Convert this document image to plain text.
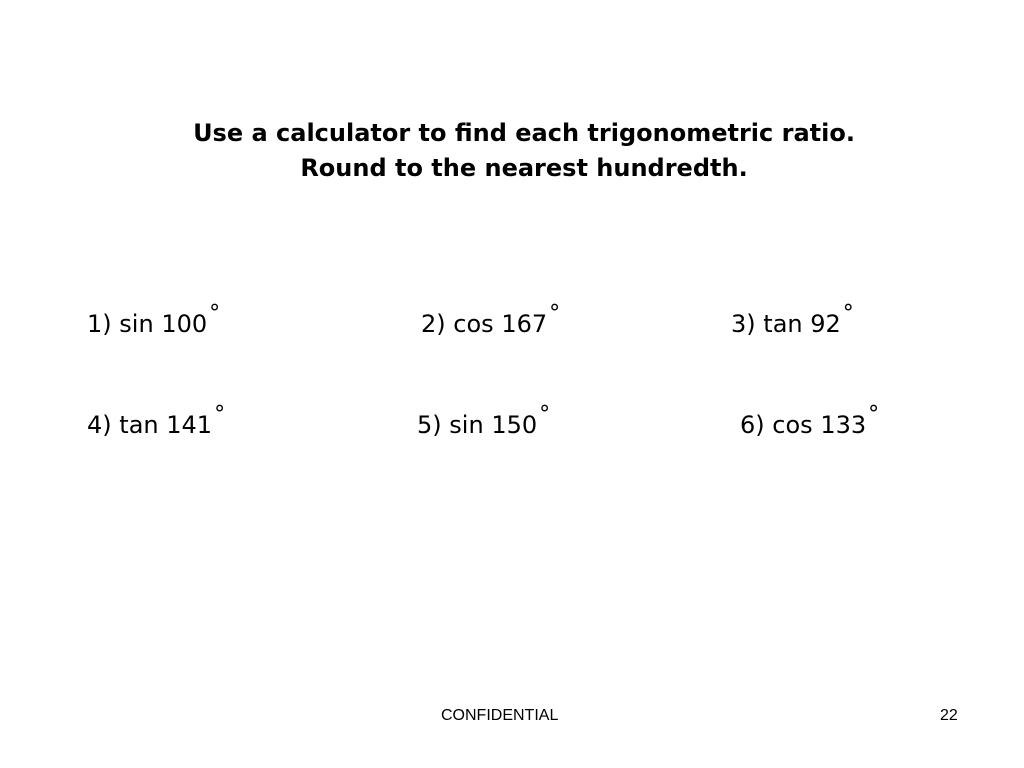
Use a calculator to find each trigonometric ratio.
Round to the nearest hundredth.
1) sin 100°	2) cos 167°	3) tan 92°
4) tan 141°	5) sin 150°	6) cos 133°
CONFIDENTIAL	22
